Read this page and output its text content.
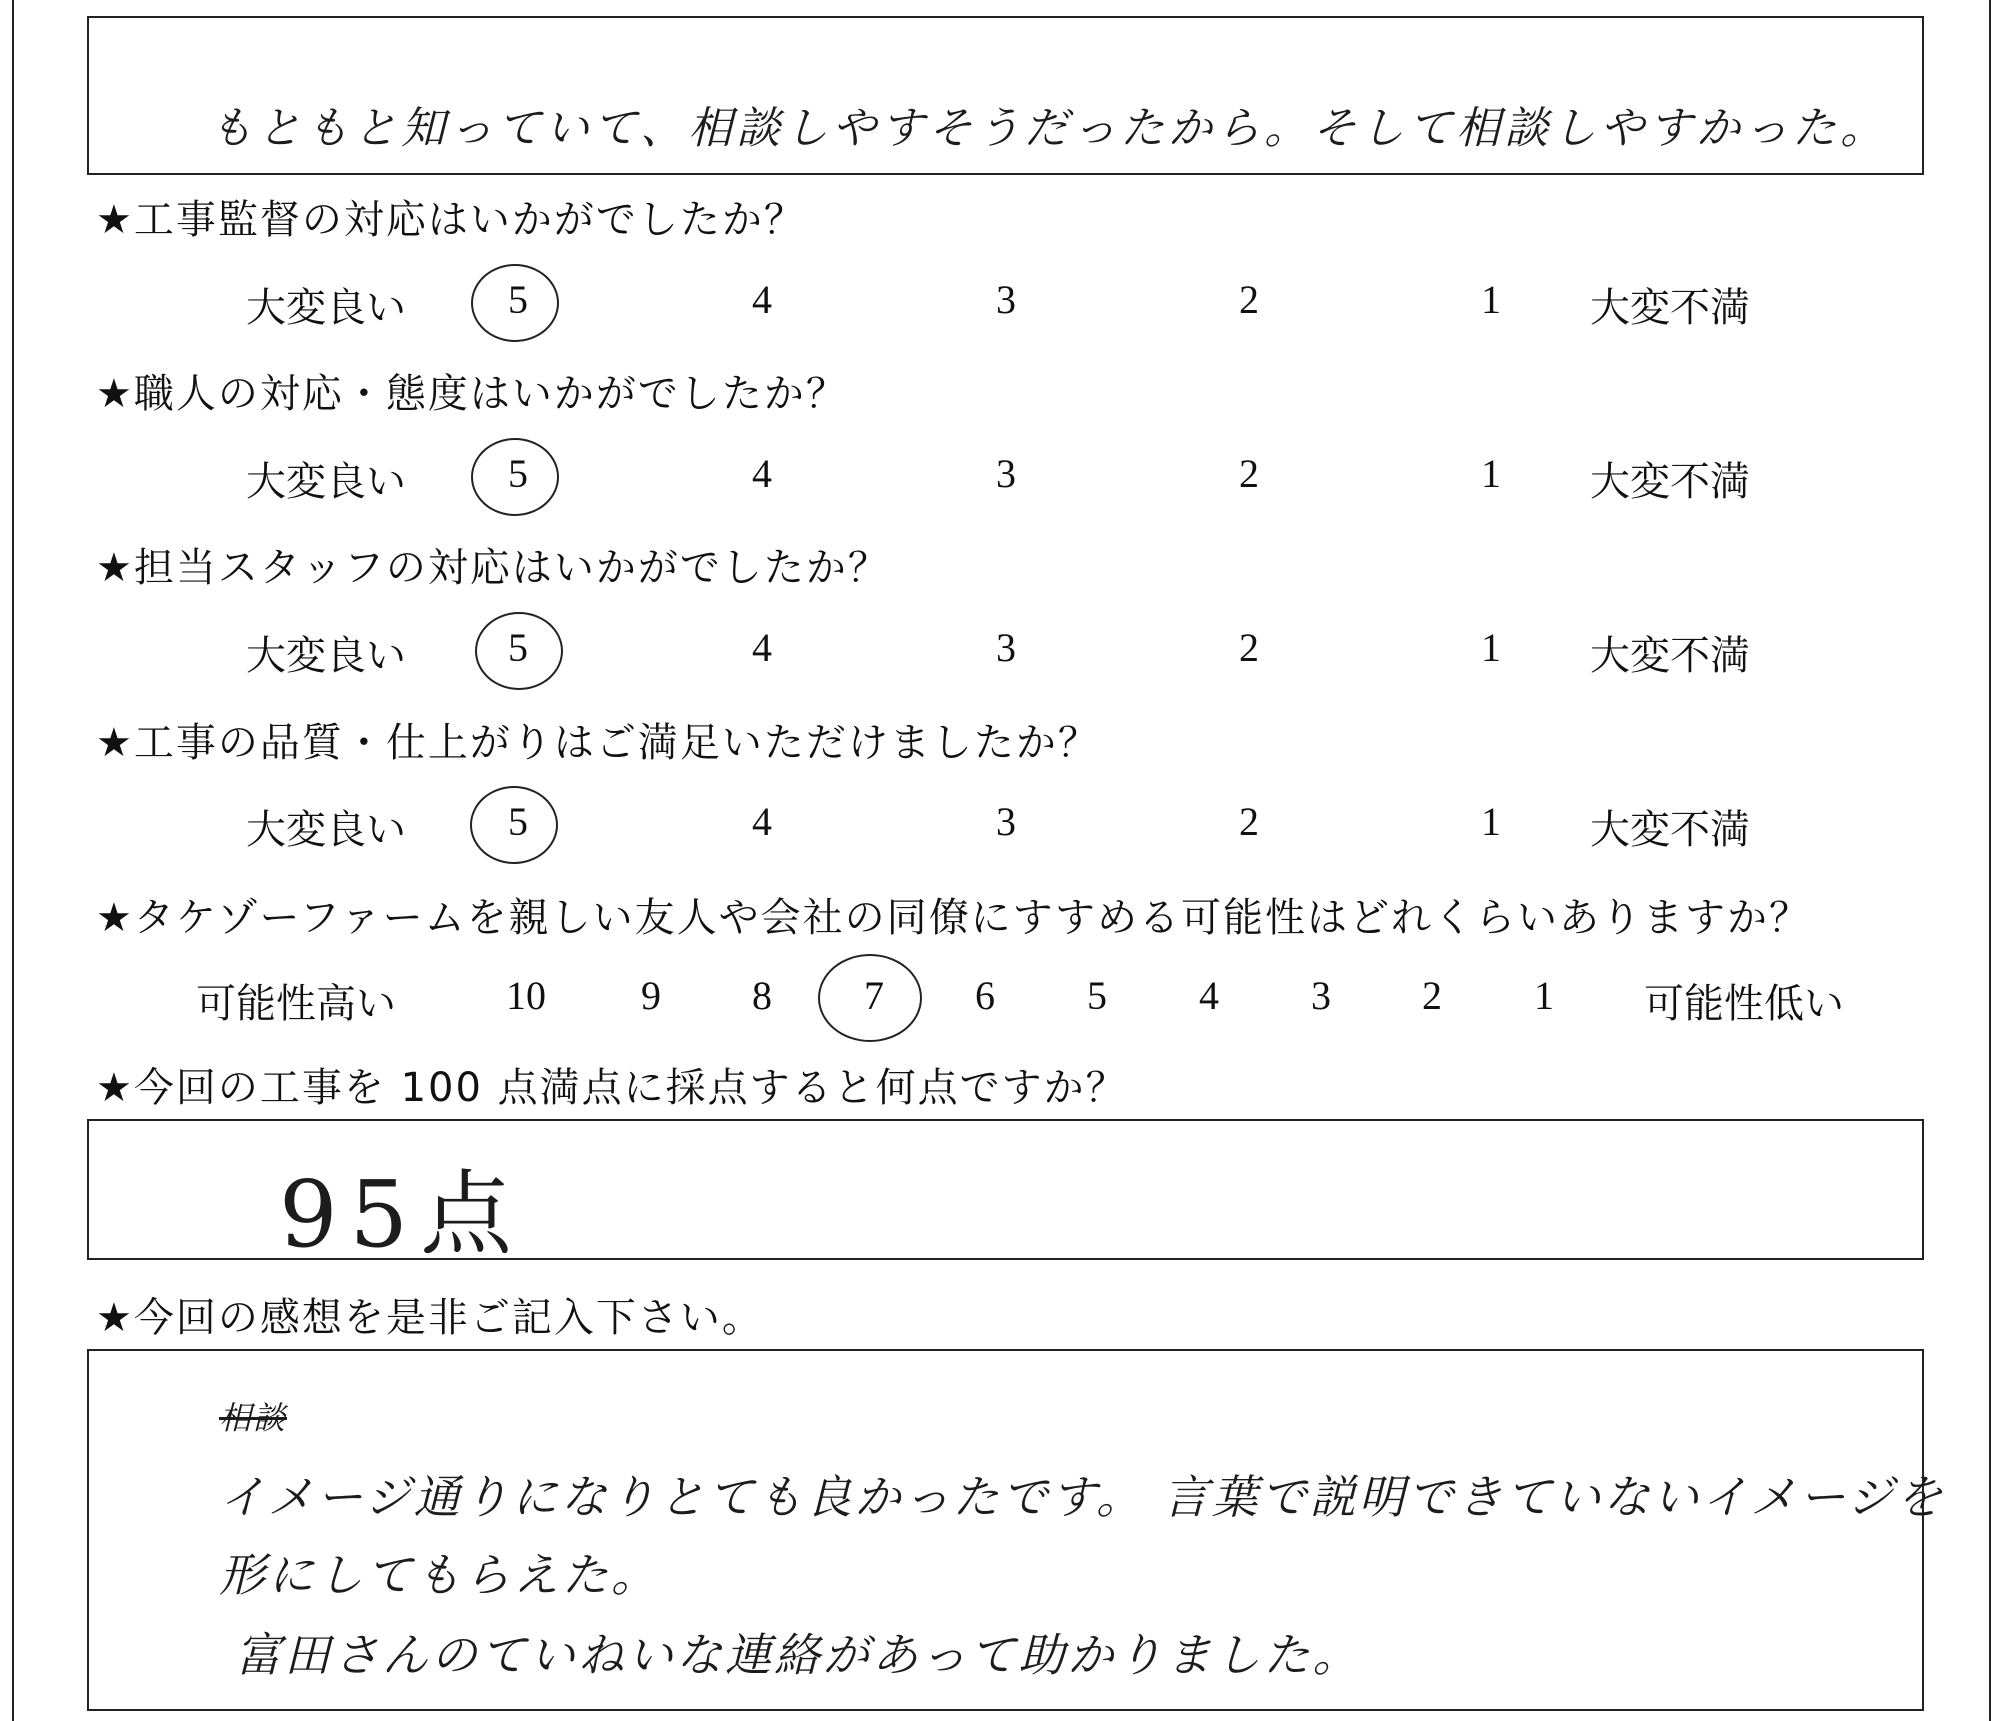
もともと知っていて、相談しやすそうだったから。そして相談しやすかった。
★工事監督の対応はいかがでしたか？
大変良い	5	4	3	2	1	大変不満
★職人の対応・態度はいかがでしたか？
大変良い	5	4	3	2	1	大変不満
★担当スタッフの対応はいかがでしたか？
大変良い	5	4	3	2	1	大変不満
★工事の品質・仕上がりはご満足いただけましたか？
大変良い	5	4	3	2	1	大変不満
★タケゾーファームを親しい友人や会社の同僚にすすめる可能性はどれくらいありますか？
可能性高い	10	9	8	7	6	5	4	3	2	1	可能性低い
★今回の工事を 100 点満点に採点すると何点ですか？
95点
★今回の感想を是非ご記入下さい。
相談
イメージ通りになりとても良かったです。 言葉で説明できていないイメージを
形にしてもらえた。
富田さんのていねいな連絡があって助かりました。
